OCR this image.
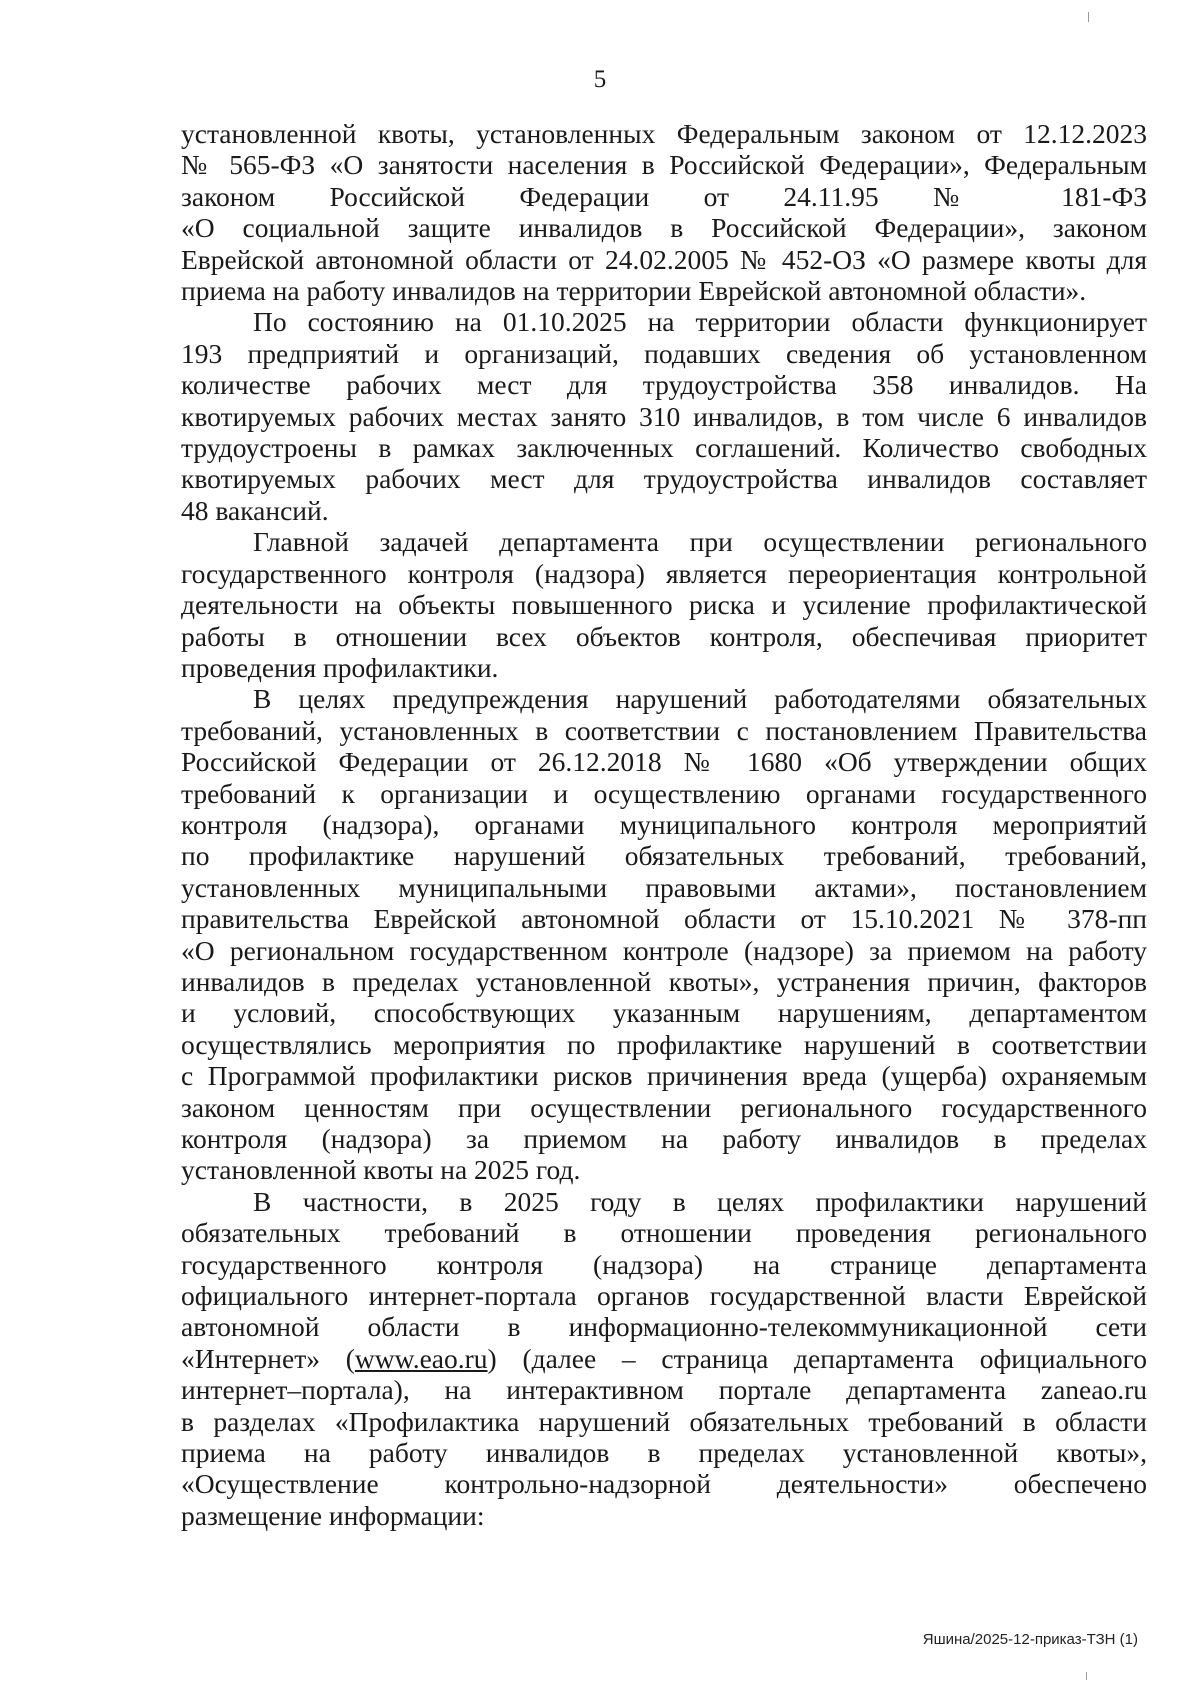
5
установленной квоты, установленных Федеральным законом от 12.12.2023
№ 565-ФЗ «О занятости населения в Российской Федерации», Федеральным
законом Российской Федерации от 24.11.95 № 181-ФЗ
«О социальной защите инвалидов в Российской Федерации», законом
Еврейской автономной области от 24.02.2005 № 452-ОЗ «О размере квоты для
приема на работу инвалидов на территории Еврейской автономной области».
По состоянию на 01.10.2025 на территории области функционирует
193 предприятий и организаций, подавших сведения об установленном
количестве рабочих мест для трудоустройства 358 инвалидов. На
квотируемых рабочих местах занято 310 инвалидов, в том числе 6 инвалидов
трудоустроены в рамках заключенных соглашений. Количество свободных
квотируемых рабочих мест для трудоустройства инвалидов составляет
48 вакансий.
Главной задачей департамента при осуществлении регионального
государственного контроля (надзора) является переориентация контрольной
деятельности на объекты повышенного риска и усиление профилактической
работы в отношении всех объектов контроля, обеспечивая приоритет
проведения профилактики.
В целях предупреждения нарушений работодателями обязательных
требований, установленных в соответствии с постановлением Правительства
Российской Федерации от 26.12.2018 № 1680 «Об утверждении общих
требований к организации и осуществлению органами государственного
контроля (надзора), органами муниципального контроля мероприятий
по профилактике нарушений обязательных требований, требований,
установленных муниципальными правовыми актами», постановлением
правительства Еврейской автономной области от 15.10.2021 № 378-пп
«О региональном государственном контроле (надзоре) за приемом на работу
инвалидов в пределах установленной квоты», устранения причин, факторов
и условий, способствующих указанным нарушениям, департаментом
осуществлялись мероприятия по профилактике нарушений в соответствии
с Программой профилактики рисков причинения вреда (ущерба) охраняемым
законом ценностям при осуществлении регионального государственного
контроля (надзора) за приемом на работу инвалидов в пределах
установленной квоты на 2025 год.
В частности, в 2025 году в целях профилактики нарушений
обязательных требований в отношении проведения регионального
государственного контроля (надзора) на странице департамента
официального интернет-портала органов государственной власти Еврейской
автономной области в информационно-телекоммуникационной сети
«Интернет» (www.eao.ru) (далее – страница департамента официального
интернет–портала), на интерактивном портале департамента zaneao.ru
в разделах «Профилактика нарушений обязательных требований в области
приема на работу инвалидов в пределах установленной квоты»,
«Осуществление контрольно-надзорной деятельности» обеспечено
размещение информации:
Яшина/2025-12-приказ-ТЗН (1)
